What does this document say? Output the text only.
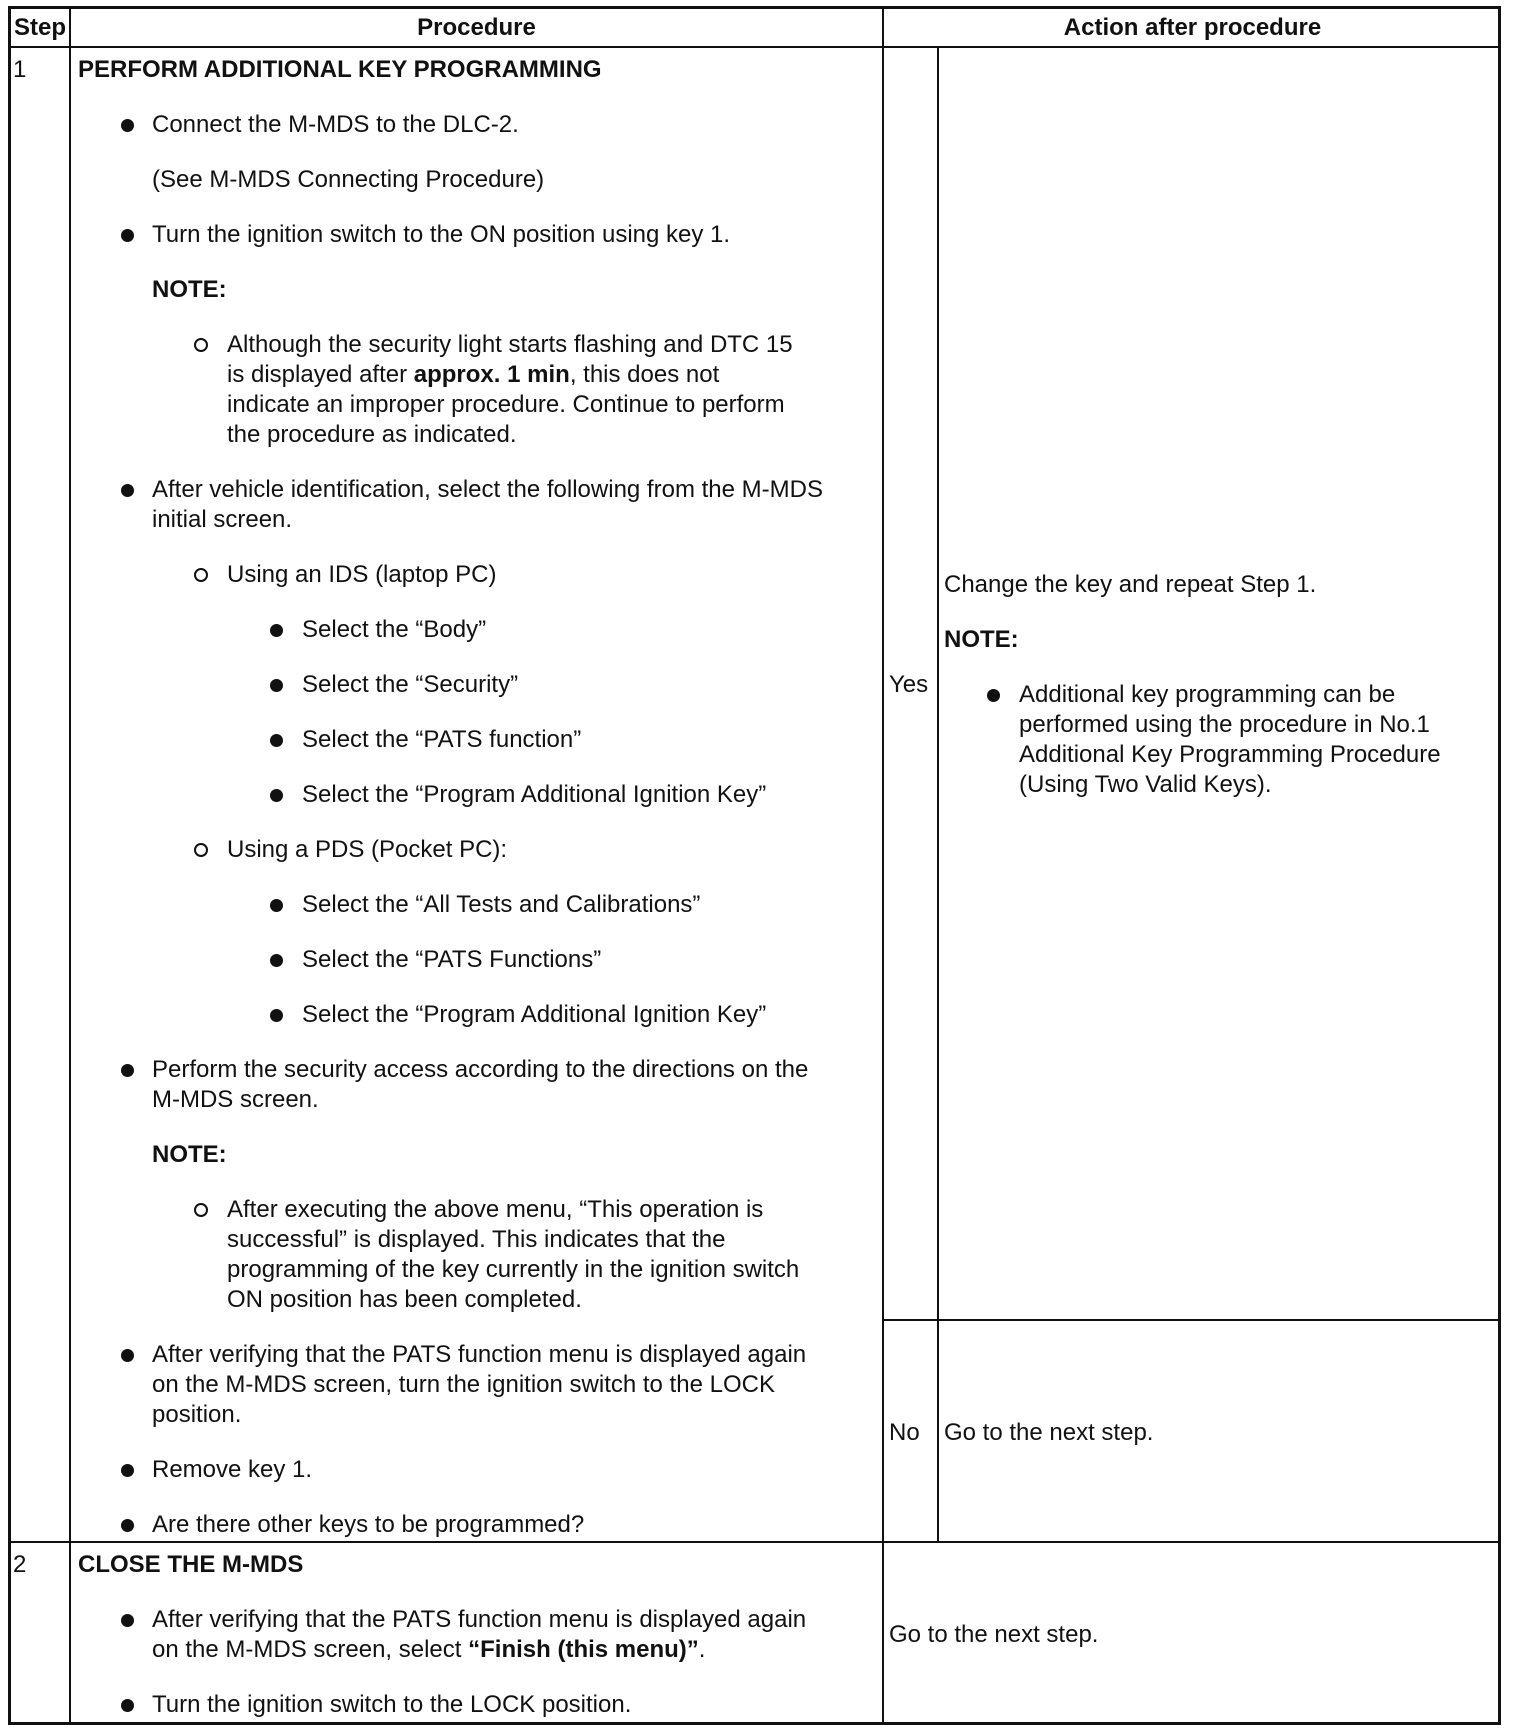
Step	Procedure	Action after procedure
1 PERFORM ADDITIONAL KEY PROGRAMMING
Connect the M-MDS to the DLC-2.
(See M-MDS Connecting Procedure)
Turn the ignition switch to the ON position using key 1.
NOTE:
Although the security light starts flashing and DTC 15
is displayed after approx. 1 min, this does not
indicate an improper procedure. Continue to perform
the procedure as indicated.
After vehicle identification, select the following from the M-MDS
initial screen.
Using an IDS (laptop PC)
Select the “Body”
Select the “Security”
Select the “PATS function”
Select the “Program Additional Ignition Key”
Using a PDS (Pocket PC):
Select the “All Tests and Calibrations”
Select the “PATS Functions”
Select the “Program Additional Ignition Key”
Perform the security access according to the directions on the
M-MDS screen.
NOTE:
After executing the above menu, “This operation is
successful” is displayed. This indicates that the
programming of the key currently in the ignition switch
ON position has been completed.
After verifying that the PATS function menu is displayed again
on the M-MDS screen, turn the ignition switch to the LOCK
position.
Remove key 1.
Are there other keys to be programmed?
Yes
Change the key and repeat Step 1.
NOTE:
Additional key programming can be
performed using the procedure in No.1
Additional Key Programming Procedure
(Using Two Valid Keys).
No Go to the next step.
2 CLOSE THE M-MDS
After verifying that the PATS function menu is displayed again
on the M-MDS screen, select “Finish (this menu)”.
Turn the ignition switch to the LOCK position.
Go to the next step.
